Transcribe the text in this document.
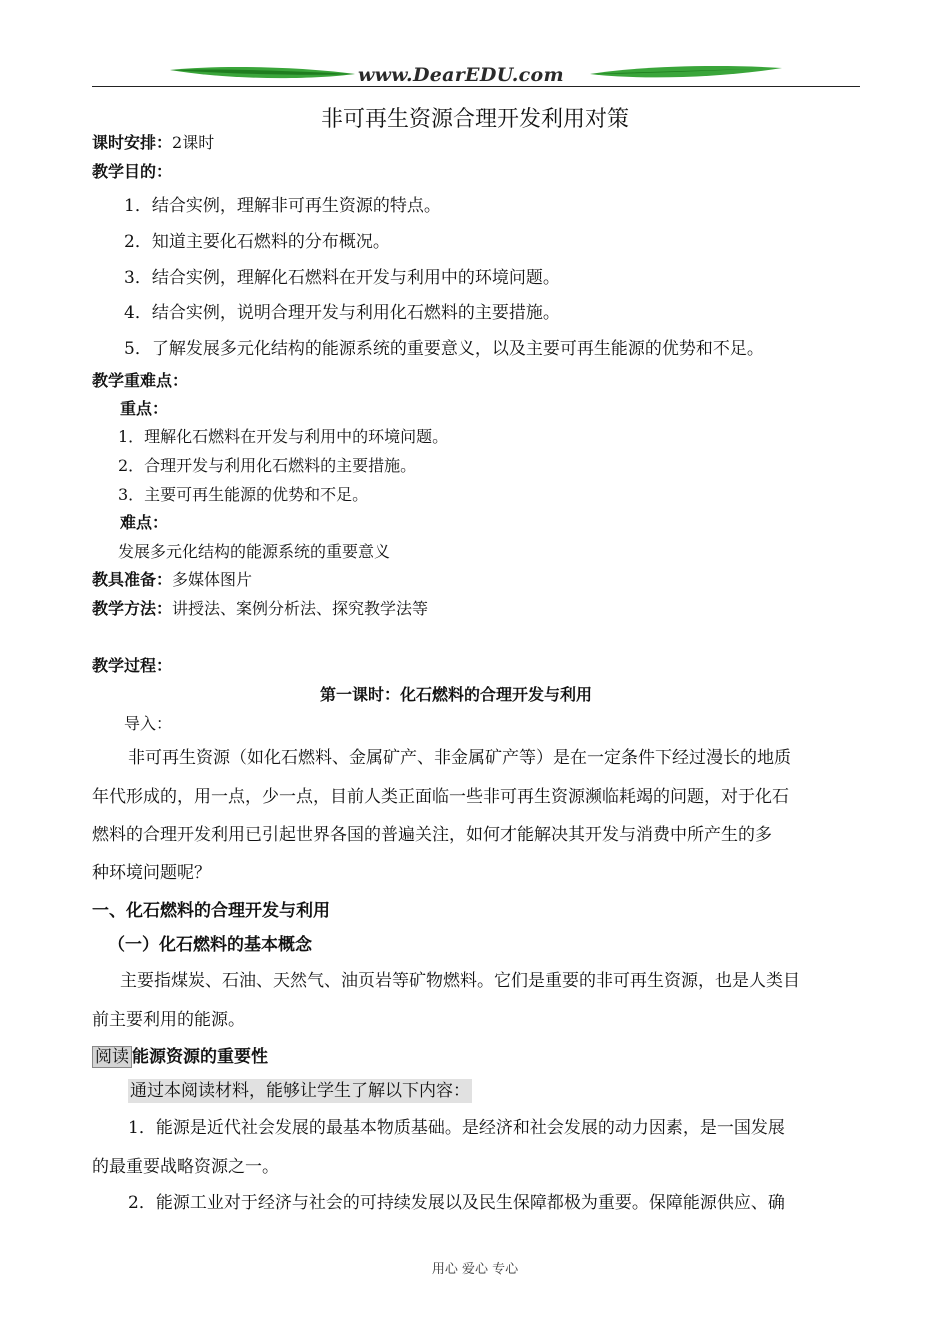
www.DearEDU.com
非可再生资源合理开发利用对策
课时安排：2课时
教学目的：
1．结合实例，理解非可再生资源的特点。
2．知道主要化石燃料的分布概况。
3．结合实例，理解化石燃料在开发与利用中的环境问题。
4．结合实例，说明合理开发与利用化石燃料的主要措施。
5．了解发展多元化结构的能源系统的重要意义，以及主要可再生能源的优势和不足。
教学重难点：
重点：
1．理解化石燃料在开发与利用中的环境问题。
2．合理开发与利用化石燃料的主要措施。
3．主要可再生能源的优势和不足。
难点：
发展多元化结构的能源系统的重要意义
教具准备：多媒体图片
教学方法：讲授法、案例分析法、探究教学法等
教学过程：
第一课时：化石燃料的合理开发与利用
导入：
非可再生资源（如化石燃料、金属矿产、非金属矿产等）是在一定条件下经过漫长的地质
年代形成的，用一点，少一点，目前人类正面临一些非可再生资源濒临耗竭的问题，对于化石
燃料的合理开发利用已引起世界各国的普遍关注，如何才能解决其开发与消费中所产生的多
种环境问题呢？
一、化石燃料的合理开发与利用
（一）化石燃料的基本概念
主要指煤炭、石油、天然气、油页岩等矿物燃料。它们是重要的非可再生资源，也是人类目
前主要利用的能源。
阅读 能源资源的重要性
通过本阅读材料，能够让学生了解以下内容：
1．能源是近代社会发展的最基本物质基础。是经济和社会发展的动力因素，是一国发展
的最重要战略资源之一。
2．能源工业对于经济与社会的可持续发展以及民生保障都极为重要。保障能源供应、确
用心 爱心 专心
